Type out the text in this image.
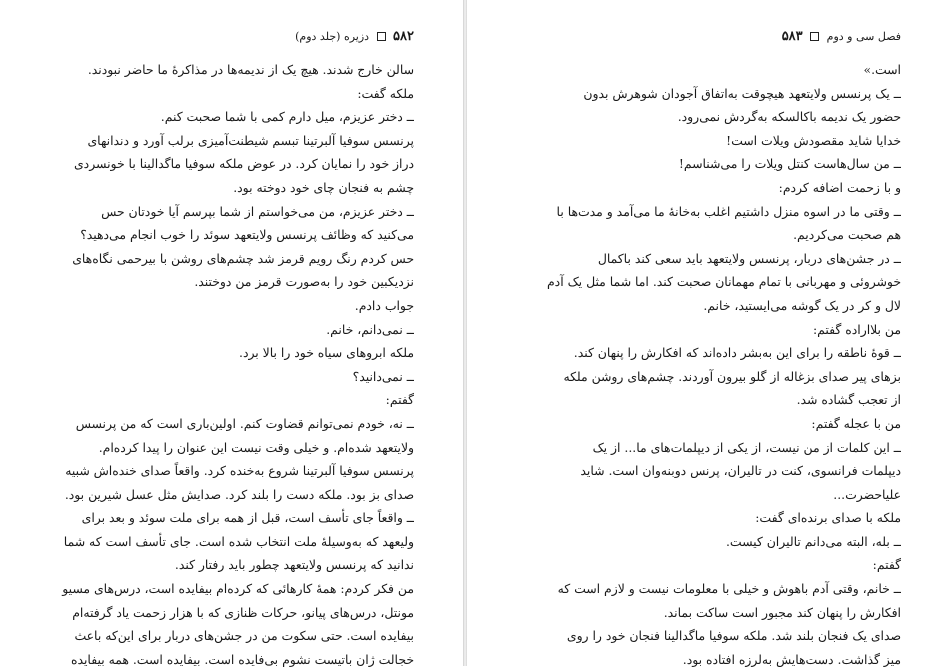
۵۸۲  دزیره (جلد دوم)

سالن خارج شدند. هیچ یک از ندیمه‌ها در مذاکرهٔ ما حاضر نبودند.

ملکه گفت:

ــ دختر عزیزم، میل دارم کمی با شما صحبت کنم.

پرنسس سوفیا آلبرتینا تبسم شیطنت‌آمیزی برلب آورد و دندانهای

دراز خود را نمایان کرد. در عوض ملکه سوفیا ماگدالینا با خونسردی

چشم به فنجان چای خود دوخته بود.

ــ دختر عزیزم، من می‌خواستم از شما بپرسم آیا خودتان حس

می‌کنید که وظائف پرنسس ولایتعهد سوئد را خوب انجام می‌دهید؟

حس کردم رنگ رویم قرمز شد چشم‌های روشن با بیرحمی نگاه‌های

نزدیکبین خود را به‌صورت قرمز من دوختند.

جواب دادم.

ــ نمی‌دانم، خانم.

ملکه ابروهای سیاه خود را بالا برد.

ــ نمی‌دانید؟

گفتم:

ــ نه، خودم نمی‌توانم قضاوت کنم. اولین‌باری است که من پرنسس

ولایتعهد شده‌ام. و خیلی وقت نیست این عنوان را پیدا کرده‌ام.

پرنسس سوفیا آلبرتینا شروع به‌خنده کرد. واقعاً صدای خنده‌اش شبیه

صدای بز بود. ملکه دست را بلند کرد. صدایش مثل عسل شیرین بود.

ــ واقعاً جای تأسف است، قبل از همه برای ملت سوئد و بعد برای

ولیعهد که به‌وسیلهٔ ملت انتخاب شده است. جای تأسف است که شما

ندانید که پرنسس ولایتعهد چطور باید رفتار کند.

من فکر کردم: همهٔ کارهائی که کرده‌ام بیفایده است، درس‌های مسیو

مونتل، درس‌های پیانو، حرکات ظنازی که با هزار زحمت یاد گرفته‌ام

بیفایده است. حتی سکوت من در جشن‌های دربار برای این‌که باعث

خجالت ژان باتیست نشوم بی‌فایده است. بیفایده است. همه بیفایده

فصل سی و دوم  ۵۸۳

است.»

ــ یک پرنسس ولایتعهد هیچوقت به‌اتفاق آجودان شوهرش بدون

حضور یک ندیمه باکالسکه به‌گردش نمی‌رود.

خدایا شاید مقصودش ویلات است!

ــ من سال‌هاست کنتل ویلات را می‌شناسم!

و با زحمت اضافه کردم:

ــ وقتی ما در اسوه منزل داشتیم اغلب به‌خانهٔ ما می‌آمد و مدت‌ها با

هم صحبت می‌کردیم.

ــ در جشن‌های دربار، پرنسس ولایتعهد باید سعی کند با‌کمال

خوشروئی و مهربانی با تمام مهمانان صحبت کند. اما شما مثل یک آدم

لال و کر در یک گوشه می‌ایستید، خانم.

من بلااراده گفتم:

ــ قوهٔ ناطقه را برای این به‌بشر داده‌اند که افکارش را پنهان کند.

بزهای پیر صدای بزغاله از گلو بیرون آوردند. چشم‌های روشن ملکه

از تعجب گشاده شد.

من با عجله گفتم:

ــ این کلمات از من نیست، از یکی از دیپلمات‌های ما... از یک

دیپلمات فرانسوی، کنت در تالیران، پرنس دوبنه‌وان است. شاید

علیاحضرت...

ملکه با صدای برنده‌ای گفت:

ــ بله، البته می‌دانم تالیران کیست.

گفتم:

ــ خانم، وقتی آدم باهوش و خیلی با معلومات نیست و لازم است که

افکارش را پنهان کند مجبور است ساکت بماند.

صدای یک فنجان بلند شد. ملکه سوفیا ماگدالینا فنجان خود را روی

میز گذاشت. دست‌هایش به‌لرزه افتاده بود.
